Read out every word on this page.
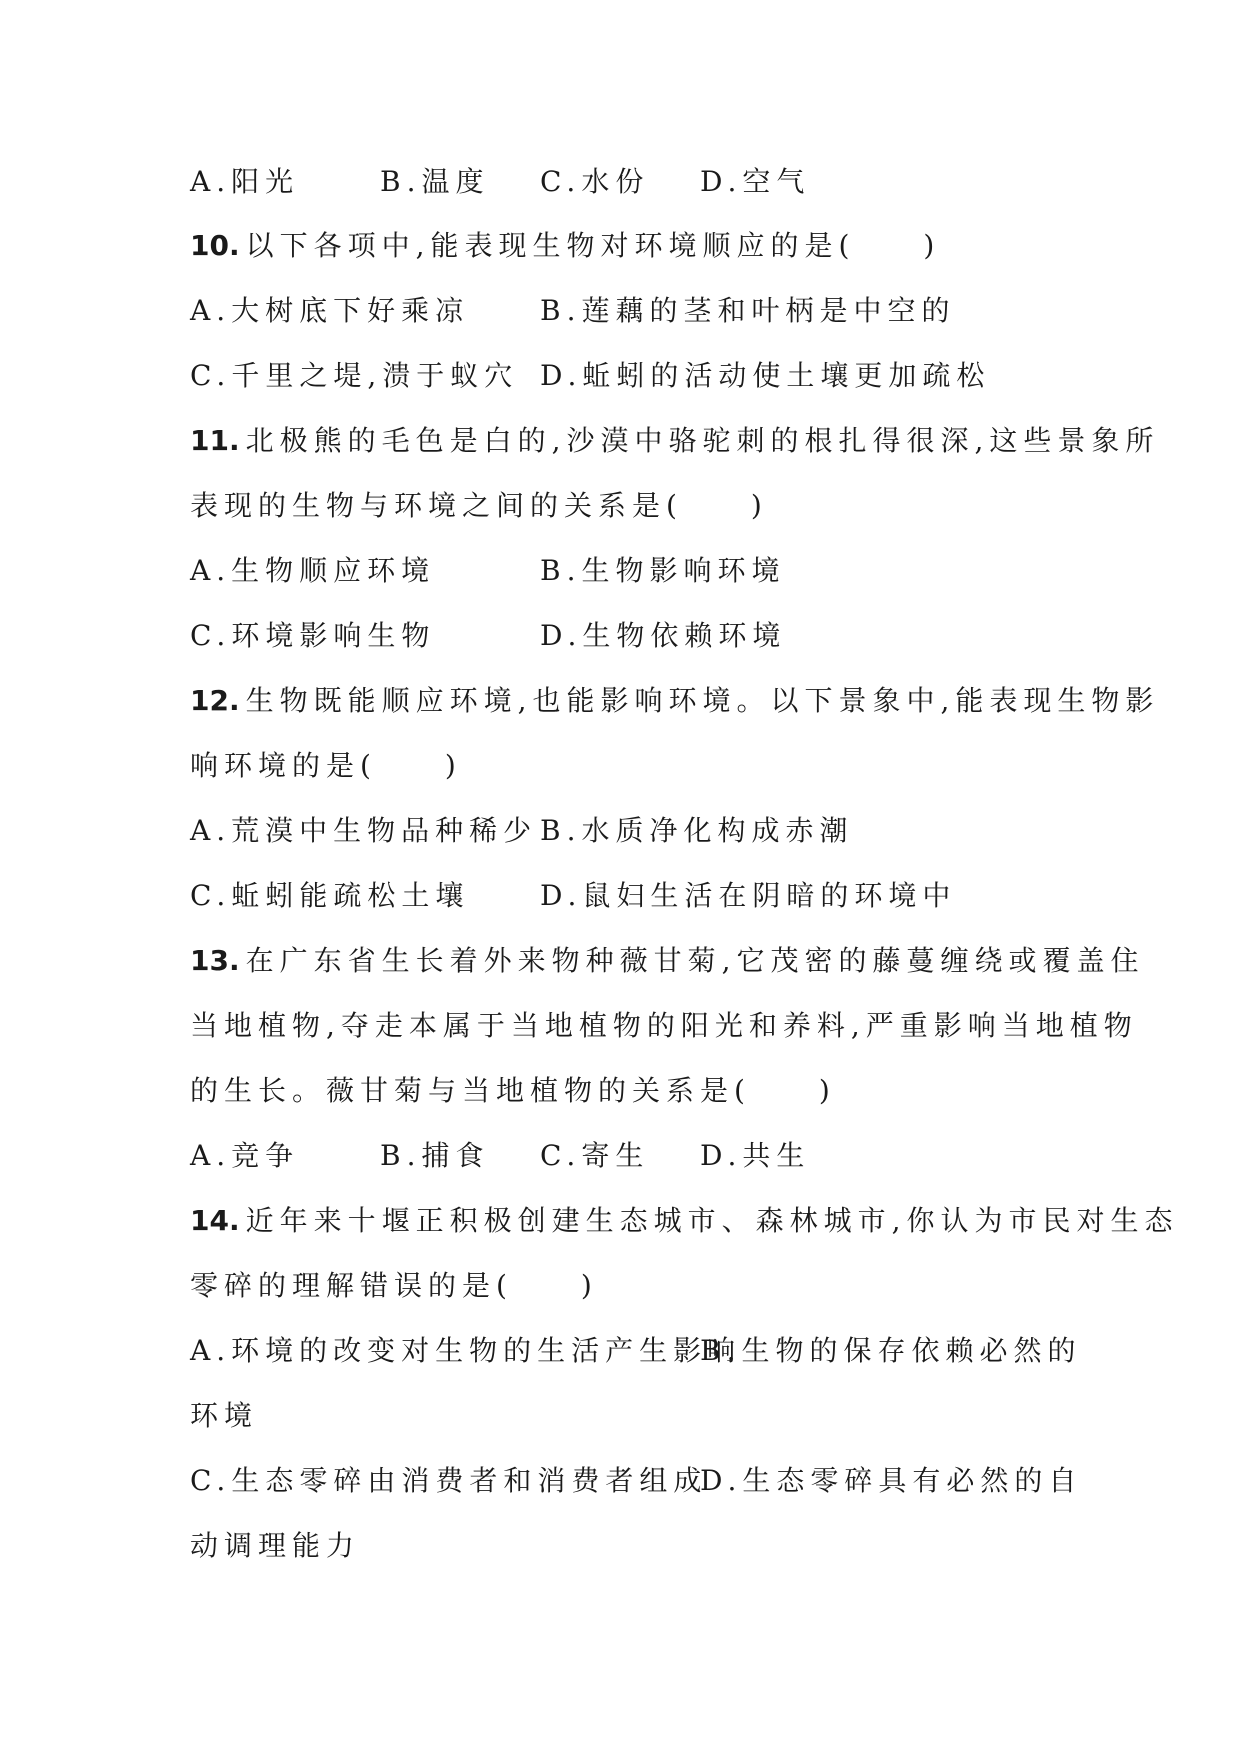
A.阳光	B.温度 C.水份 D.空气
10. 以下各项中,能表现生物对环境顺应的是(　　)
A.大树底下好乘凉	B.莲藕的茎和叶柄是中空的
C.千里之堤,溃于蚁穴 D.蚯蚓的活动使土壤更加疏松
11. 北极熊的毛色是白的,沙漠中骆驼刺的根扎得很深,这些景象所
表现的生物与环境之间的关系是(　　)
A.生物顺应环境	B.生物影响环境
C.环境影响生物	D.生物依赖环境
12. 生物既能顺应环境,也能影响环境。以下景象中,能表现生物影
响环境的是(　　)
A.荒漠中生物品种稀少 B.水质净化构成赤潮
C.蚯蚓能疏松土壤	D.鼠妇生活在阴暗的环境中
13. 在广东省生长着外来物种薇甘菊,它茂密的藤蔓缠绕或覆盖住
当地植物,夺走本属于当地植物的阳光和养料,严重影响当地植物
的生长。薇甘菊与当地植物的关系是(　　)
A.竞争	B.捕食 C.寄生 D.共生
14. 近年来十堰正积极创建生态城市、森林城市,你认为市民对生态
零碎的理解错误的是(　　)
A.环境的改变对生物的生活产生影响
B.生物的保存依赖必然的
环境
C.生态零碎由消费者和消费者组成
D.生态零碎具有必然的自
动调理能力
